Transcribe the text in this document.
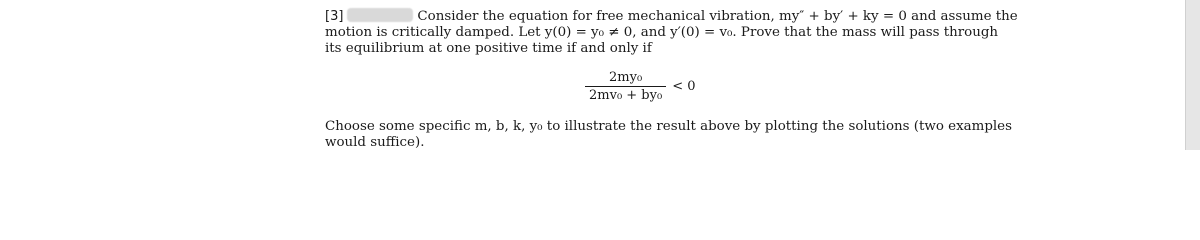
[3]	Consider the equation for free mechanical vibration, my″ + by′ + ky = 0 and assume the
motion is critically damped. Let y(0) = y₀ ≠ 0, and y′(0) = v₀. Prove that the mass will pass through
its equilibrium at one positive time if and only if
$\frac{\text{2my₀}}{\text{2mv₀ + by₀}} < 0$
Choose some specific m, b, k, y₀ to illustrate the result above by plotting the solutions (two examples
would suffice).
